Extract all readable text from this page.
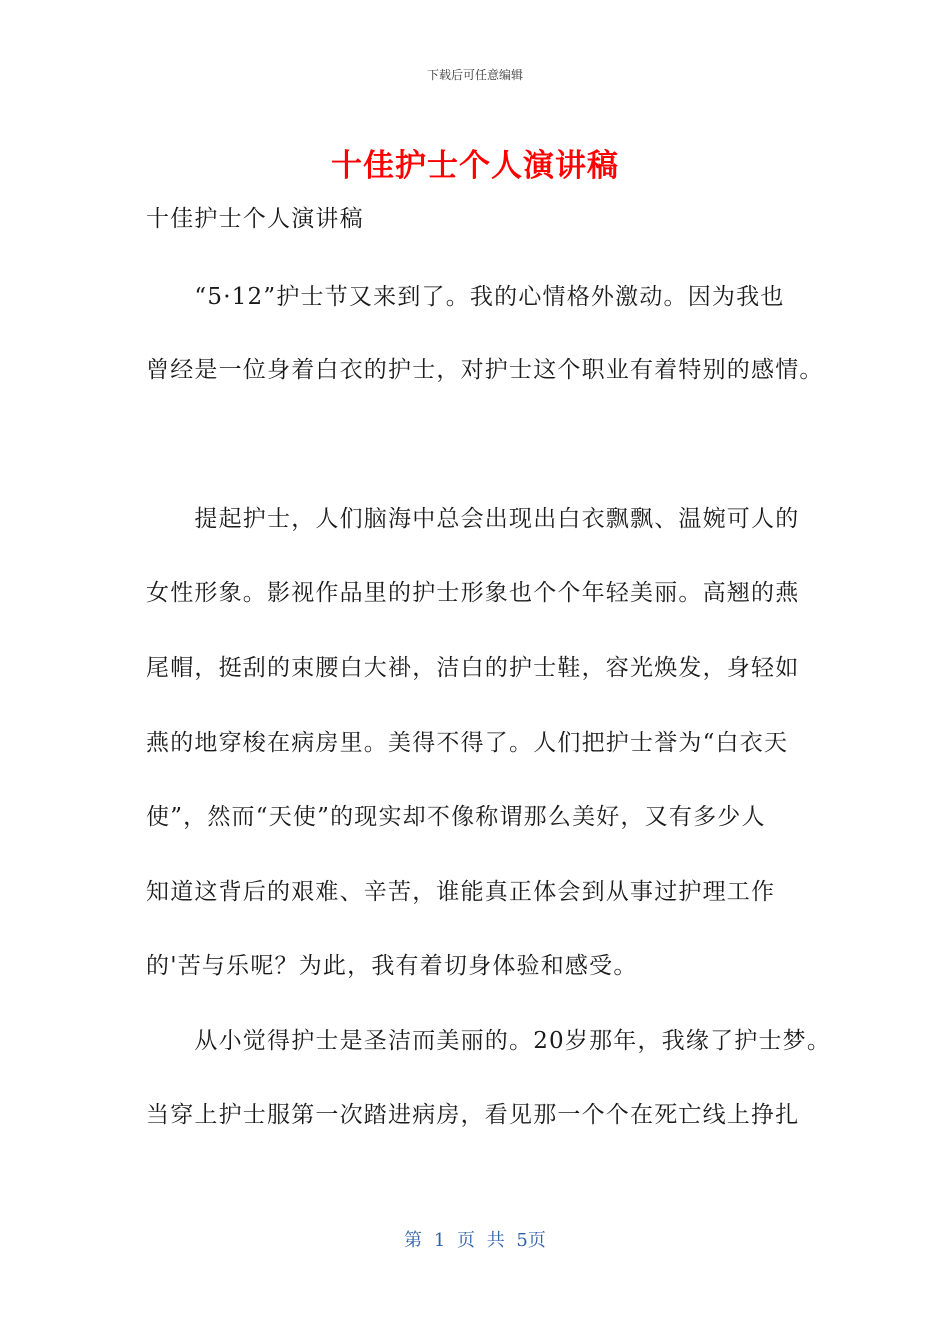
下载后可任意编辑
十佳护士个人演讲稿
十佳护士个人演讲稿
　　“5·12”护士节又来到了。我的心情格外激动。因为我也
曾经是一位身着白衣的护士，对护士这个职业有着特别的感情。
　　提起护士，人们脑海中总会出现出白衣飘飘、温婉可人的
女性形象。影视作品里的护士形象也个个年轻美丽。高翘的燕
尾帽，挺刮的束腰白大褂，洁白的护士鞋，容光焕发，身轻如
燕的地穿梭在病房里。美得不得了。人们把护士誉为“白衣天
使”，然而“天使”的现实却不像称谓那么美好，又有多少人
知道这背后的艰难、辛苦，谁能真正体会到从事过护理工作
的'苦与乐呢？为此，我有着切身体验和感受。
　　从小觉得护士是圣洁而美丽的。20岁那年，我缘了护士梦。
当穿上护士服第一次踏进病房，看见那一个个在死亡线上挣扎
第 1 页 共 5页
